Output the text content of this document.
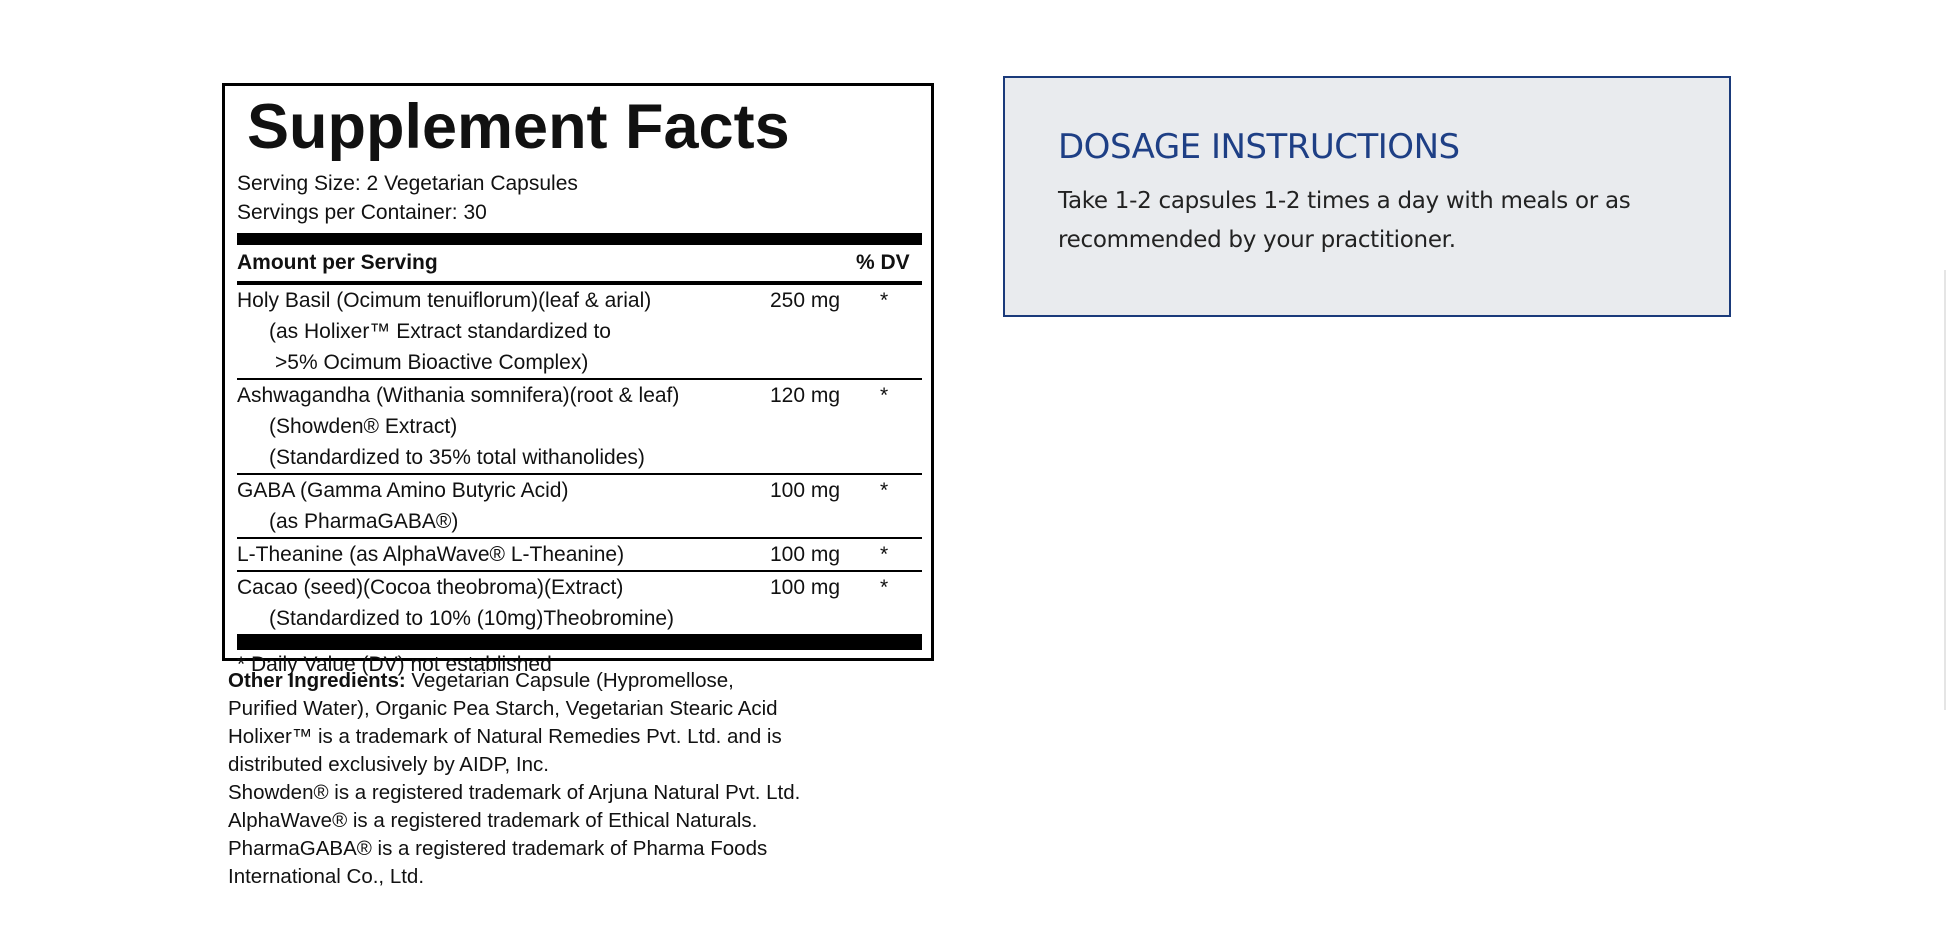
Supplement Facts
Serving Size: 2 Vegetarian Capsules
Servings per Container: 30
Amount per Serving	% DV
Holy Basil (Ocimum tenuiflorum)(leaf & arial)	250 mg	*
(as Holixer™ Extract standardized to
>5% Ocimum Bioactive Complex)
Ashwagandha (Withania somnifera)(root & leaf)	120 mg	*
(Showden® Extract)
(Standardized to 35% total withanolides)
GABA (Gamma Amino Butyric Acid)	100 mg	*
(as PharmaGABA®)
L-Theanine (as AlphaWave® L-Theanine)	100 mg	*
Cacao (seed)(Cocoa theobroma)(Extract)	100 mg	*
(Standardized to 10% (10mg)Theobromine)
* Daily Value (DV) not established

Other Ingredients: Vegetarian Capsule (Hypromellose,

Purified Water), Organic Pea Starch, Vegetarian Stearic Acid

Holixer™ is a trademark of Natural Remedies Pvt. Ltd. and is

distributed exclusively by AIDP, Inc.

Showden® is a registered trademark of Arjuna Natural Pvt. Ltd.

AlphaWave® is a registered trademark of Ethical Naturals.

PharmaGABA® is a registered trademark of Pharma Foods

International Co., Ltd.

DOSAGE INSTRUCTIONS

Take 1-2 capsules 1-2 times a day with meals or as recommended by your practitioner.
